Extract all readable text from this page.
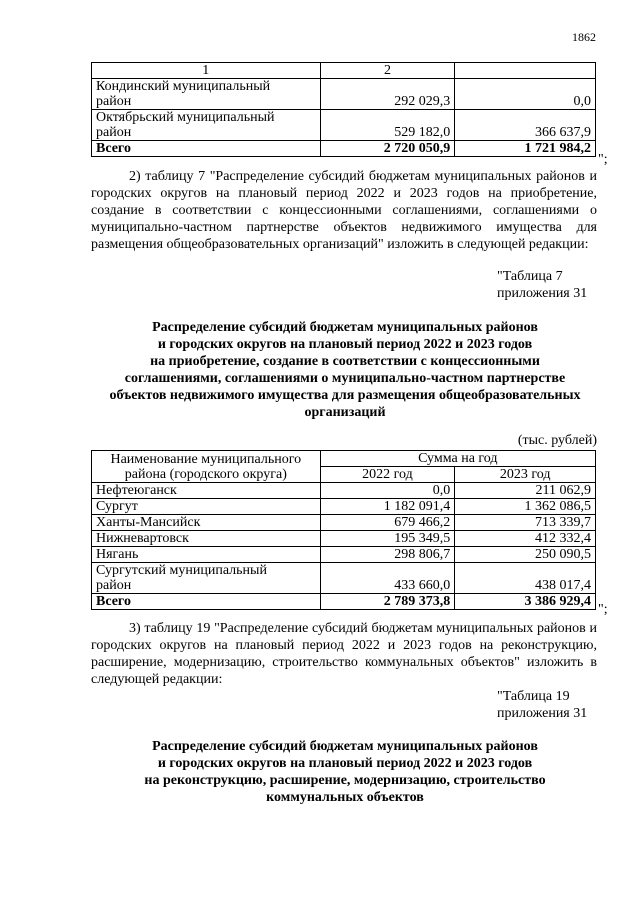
1862
1	2	
Кондинский муниципальный
район	292 029,3	0,0
Октябрьский муниципальный
район	529 182,0	366 637,9
Всего	2 720 050,9	1 721 984,2
";
2) таблицу 7 "Распределение субсидий бюджетам муниципальных районов и городских округов на плановый период 2022 и 2023 годов на приобретение, создание в соответствии с концессионными соглашениями, соглашениями о муниципально-частном партнерстве объектов недвижимого имущества для размещения общеобразовательных организаций" изложить в следующей редакции:
"Таблица 7
приложения 31
Распределение субсидий бюджетам муниципальных районов
и городских округов на плановый период 2022 и 2023 годов
на приобретение, создание в соответствии с концессионными
соглашениями, соглашениями о муниципально-частном партнерстве
объектов недвижимого имущества для размещения общеобразовательных
организаций
(тыс. рублей)
Наименование муниципального
района (городского округа)	Сумма на год	
	2022 год	2023 год
Нефтеюганск	0,0	211 062,9
Сургут	1 182 091,4	1 362 086,5
Ханты-Мансийск	679 466,2	713 339,7
Нижневартовск	195 349,5	412 332,4
Нягань	298 806,7	250 090,5
Сургутский муниципальный
район	433 660,0	438 017,4
Всего	2 789 373,8	3 386 929,4
";
3) таблицу 19 "Распределение субсидий бюджетам муниципальных районов и городских округов на плановый период 2022 и 2023 годов на реконструкцию, расширение, модернизацию, строительство коммунальных объектов" изложить в следующей редакции:
"Таблица 19
приложения 31
Распределение субсидий бюджетам муниципальных районов
и городских округов на плановый период 2022 и 2023 годов
на реконструкцию, расширение, модернизацию, строительство
коммунальных объектов
